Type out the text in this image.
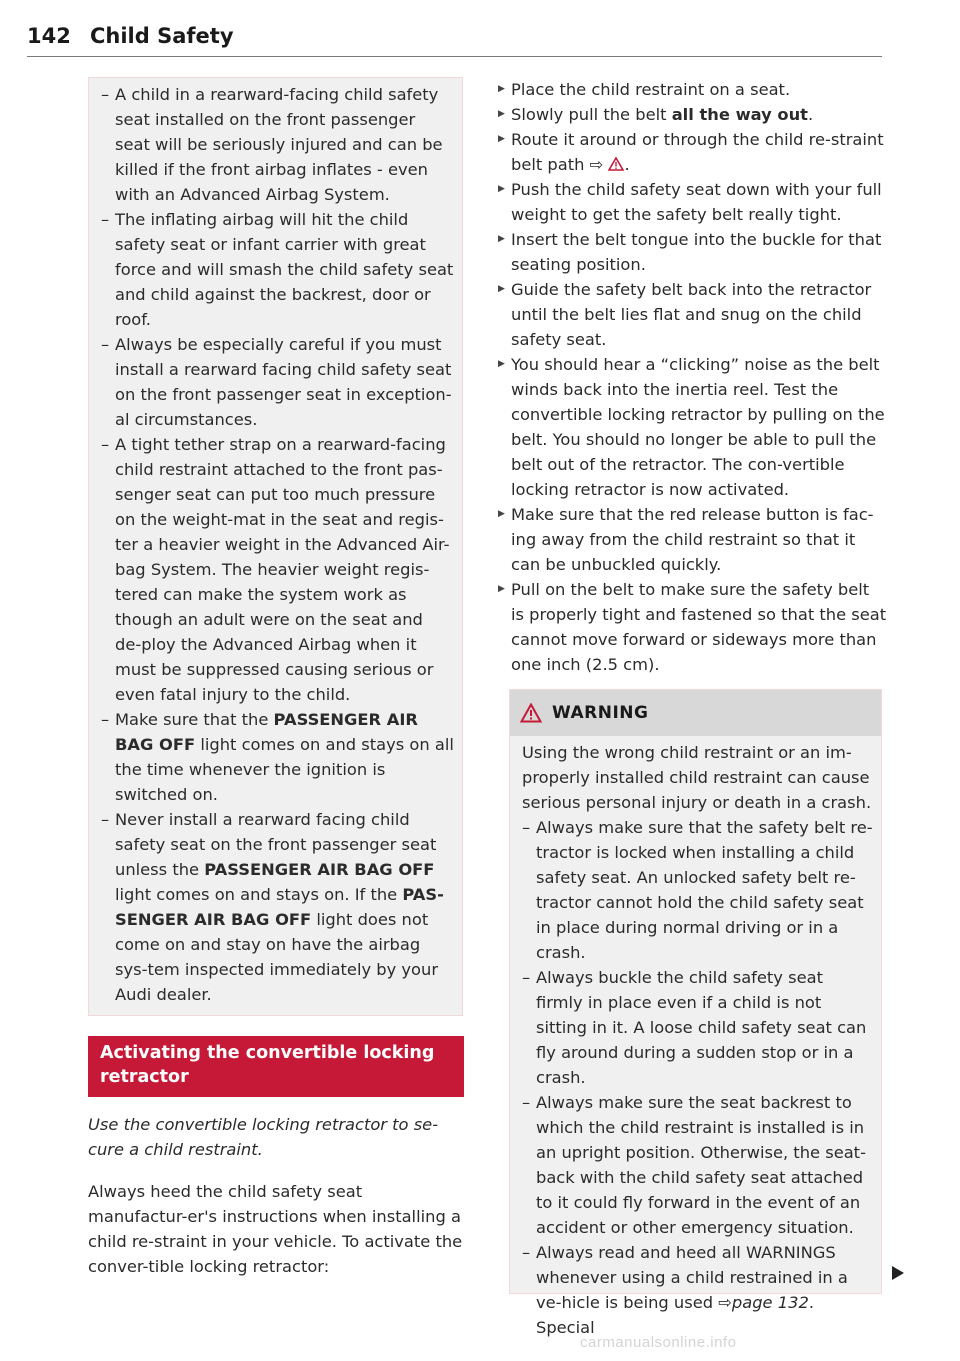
142 Child Safety
– A child in a rearward-facing child safety seat installed on the front passenger seat will be seriously injured and can be killed if the front airbag inflates - even with an Advanced Airbag System.
– The inflating airbag will hit the child safety seat or infant carrier with great force and will smash the child safety seat and child against the backrest, door or roof.
– Always be especially careful if you must install a rearward facing child safety seat on the front passenger seat in exception-al circumstances.
– A tight tether strap on a rearward-facing child restraint attached to the front pas-senger seat can put too much pressure on the weight-mat in the seat and regis-ter a heavier weight in the Advanced Air-bag System. The heavier weight regis-tered can make the system work as though an adult were on the seat and de-ploy the Advanced Airbag when it must be suppressed causing serious or even fatal injury to the child.
– Make sure that the PASSENGER AIR BAG OFF light comes on and stays on all the time whenever the ignition is switched on.
– Never install a rearward facing child safety seat on the front passenger seat unless the PASSENGER AIR BAG OFF light comes on and stays on. If the PAS-SENGER AIR BAG OFF light does not come on and stay on have the airbag sys-tem inspected immediately by your Audi dealer.
Activating the convertible locking retractor
Use the convertible locking retractor to se-cure a child restraint.
Always heed the child safety seat manufactur-er's instructions when installing a child re-straint in your vehicle. To activate the conver-tible locking retractor:
▶ Place the child restraint on a seat.
▶ Slowly pull the belt all the way out.
▶ Route it around or through the child re-straint belt path ⇨ .
▶ Push the child safety seat down with your full weight to get the safety belt really tight.
▶ Insert the belt tongue into the buckle for that seating position.
▶ Guide the safety belt back into the retractor until the belt lies flat and snug on the child safety seat.
▶ You should hear a “clicking” noise as the belt winds back into the inertia reel. Test the convertible locking retractor by pulling on the belt. You should no longer be able to pull the belt out of the retractor. The con-vertible locking retractor is now activated.
▶ Make sure that the red release button is fac-ing away from the child restraint so that it can be unbuckled quickly.
▶ Pull on the belt to make sure the safety belt is properly tight and fastened so that the seat cannot move forward or sideways more than one inch (2.5 cm).
WARNING

Using the wrong child restraint or an im-properly installed child restraint can cause serious personal injury or death in a crash.

– Always make sure that the safety belt re-tractor is locked when installing a child safety seat. An unlocked safety belt re-tractor cannot hold the child safety seat in place during normal driving or in a crash.
– Always buckle the child safety seat firmly in place even if a child is not sitting in it. A loose child safety seat can fly around during a sudden stop or in a crash.
– Always make sure the seat backrest to which the child restraint is installed is in an upright position. Otherwise, the seat-back with the child safety seat attached to it could fly forward in the event of an accident or other emergency situation.
– Always read and heed all WARNINGS whenever using a child restrained in a ve-hicle is being used ⇨page 132. Special
carmanualsonline.info
